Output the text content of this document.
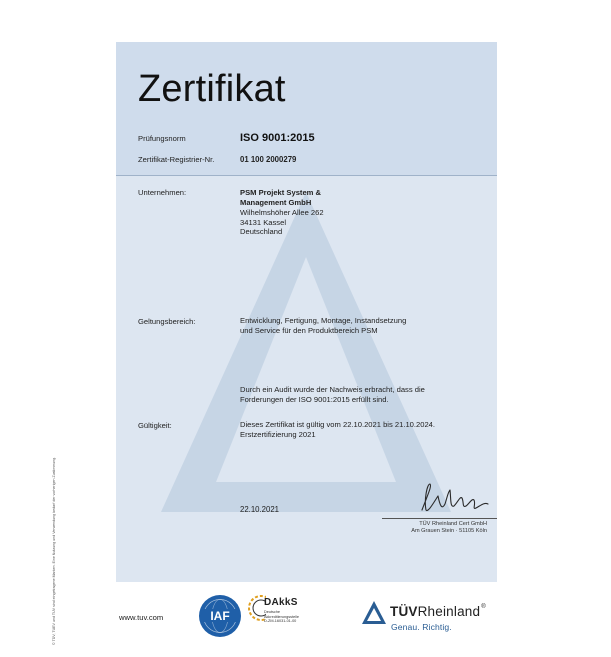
© TÜV, TUEV und TUV sind eingetragene Marken. Eine Nutzung und Verwendung bedarf der vorherigen Zustimmung.
Zertifikat
Prüfungsnorm	ISO 9001:2015
Zertifikat-Registrier-Nr.	01 100 2000279
Unternehmen:	PSM Projekt System &
Management GmbH
Wilhelmshöher Allee 262
34131 Kassel
Deutschland
Geltungsbereich:	Entwicklung, Fertigung, Montage, Instandsetzung
und Service für den Produktbereich PSM
Durch ein Audit wurde der Nachweis erbracht, dass die
Forderungen der ISO 9001:2015 erfüllt sind.
Gültigkeit:	Dieses Zertifikat ist gültig vom 22.10.2021 bis 21.10.2024.
Erstzertifizierung 2021
22.10.2021
TÜV Rheinland Cert GmbH
Am Grauen Stein · 51105 Köln
www.tuv.com	IAF
DAkkS
Deutsche
Akkreditierungsstelle
D-ZM-16031-01-00
TÜVRheinland®
Genau. Richtig.
